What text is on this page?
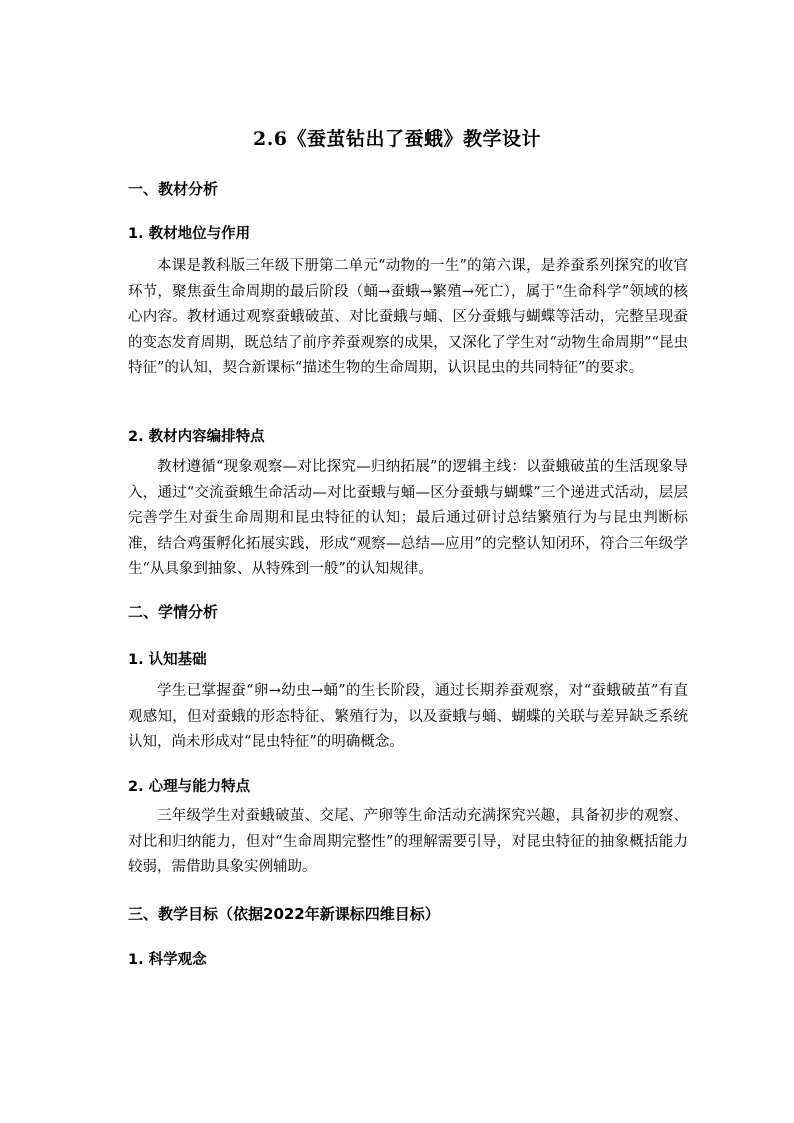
2.6《蚕茧钻出了蚕蛾》教学设计
一、教材分析
1. 教材地位与作用
本课是教科版三年级下册第二单元“动物的一生”的第六课，是养蚕系列探究的收官环节，聚焦蚕生命周期的最后阶段（蛹→蚕蛾→繁殖→死亡），属于“生命科学”领域的核心内容。教材通过观察蚕蛾破茧、对比蚕蛾与蛹、区分蚕蛾与蝴蝶等活动，完整呈现蚕的变态发育周期，既总结了前序养蚕观察的成果，又深化了学生对“动物生命周期”“昆虫特征”的认知，契合新课标“描述生物的生命周期，认识昆虫的共同特征”的要求。
2. 教材内容编排特点
教材遵循“现象观察—对比探究—归纳拓展”的逻辑主线：以蚕蛾破茧的生活现象导入，通过“交流蚕蛾生命活动—对比蚕蛾与蛹—区分蚕蛾与蝴蝶”三个递进式活动，层层完善学生对蚕生命周期和昆虫特征的认知；最后通过研讨总结繁殖行为与昆虫判断标准，结合鸡蛋孵化拓展实践，形成“观察—总结—应用”的完整认知闭环，符合三年级学生“从具象到抽象、从特殊到一般”的认知规律。
二、学情分析
1. 认知基础
学生已掌握蚕“卵→幼虫→蛹”的生长阶段，通过长期养蚕观察，对“蚕蛾破茧”有直观感知，但对蚕蛾的形态特征、繁殖行为，以及蚕蛾与蛹、蝴蝶的关联与差异缺乏系统认知，尚未形成对“昆虫特征”的明确概念。
2. 心理与能力特点
三年级学生对蚕蛾破茧、交尾、产卵等生命活动充满探究兴趣，具备初步的观察、对比和归纳能力，但对“生命周期完整性”的理解需要引导，对昆虫特征的抽象概括能力较弱，需借助具象实例辅助。
三、教学目标（依据2022年新课标四维目标）
1. 科学观念
